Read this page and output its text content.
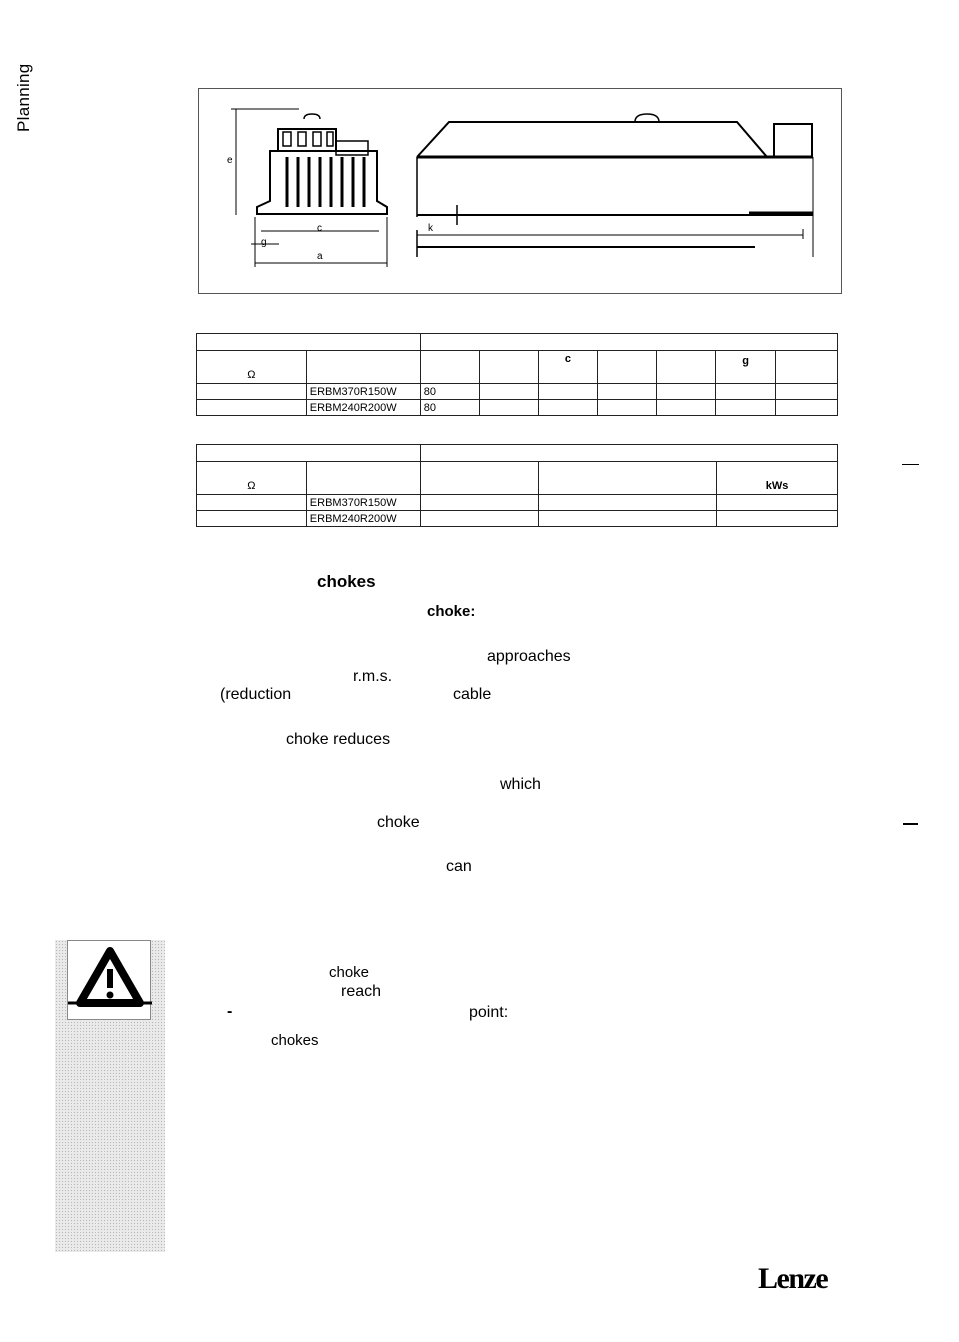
Planning
e
c
g
a
k

Ω				c			g	
	ERBM370R150W	80						
	ERBM240R200W	80						

Ω				kWs
	ERBM370R150W			
	ERBM240R200W			
chokes
choke:
approaches
r.m.s.
(reduction	cable
choke reduces
which
choke
can
choke
reach
-	point:
chokes
Lenze
